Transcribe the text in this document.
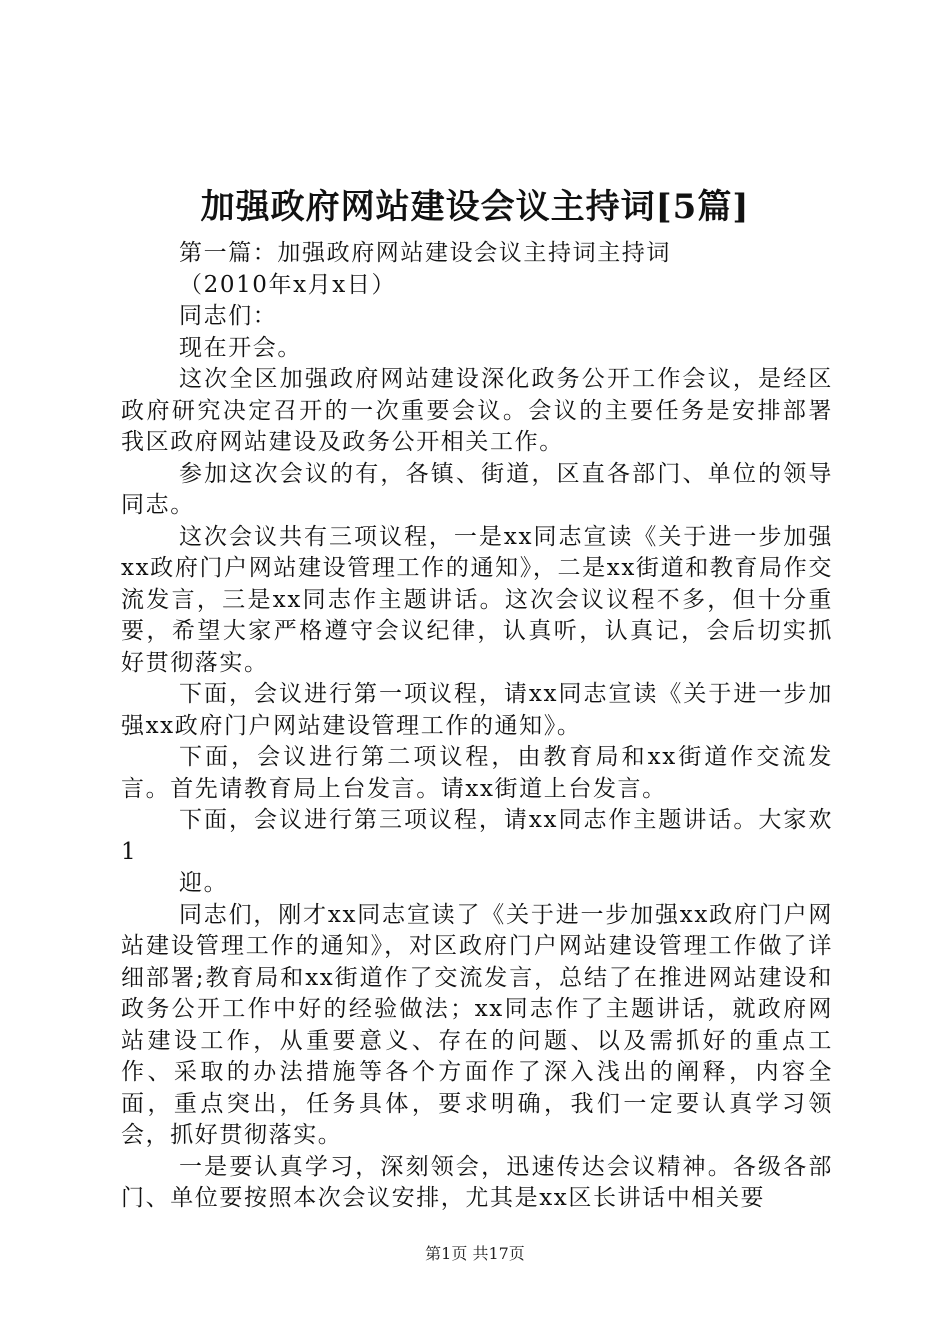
加强政府网站建设会议主持词[5篇]

第一篇：加强政府网站建设会议主持词主持词

（2010年x月x日）

同志们：

现在开会。

这次全区加强政府网站建设深化政务公开工作会议，是经区政府研究决定召开的一次重要会议。会议的主要任务是安排部署我区政府网站建设及政务公开相关工作。

参加这次会议的有，各镇、街道，区直各部门、单位的领导同志。

这次会议共有三项议程，一是xx同志宣读《关于进一步加强xx政府门户网站建设管理工作的通知》，二是xx街道和教育局作交流发言，三是xx同志作主题讲话。这次会议议程不多，但十分重要，希望大家严格遵守会议纪律，认真听，认真记，会后切实抓好贯彻落实。

下面，会议进行第一项议程，请xx同志宣读《关于进一步加强xx政府门户网站建设管理工作的通知》。

下面，会议进行第二项议程，由教育局和xx街道作交流发言。首先请教育局上台发言。请xx街道上台发言。

下面，会议进行第三项议程，请xx同志作主题讲话。大家欢1

迎。

同志们，刚才xx同志宣读了《关于进一步加强xx政府门户网站建设管理工作的通知》，对区政府门户网站建设管理工作做了详细部署;教育局和xx街道作了交流发言，总结了在推进网站建设和政务公开工作中好的经验做法；xx同志作了主题讲话，就政府网站建设工作，从重要意义、存在的问题、以及需抓好的重点工作、采取的办法措施等各个方面作了深入浅出的阐释，内容全面，重点突出，任务具体，要求明确，我们一定要认真学习领会，抓好贯彻落实。

一是要认真学习，深刻领会，迅速传达会议精神。各级各部门、单位要按照本次会议安排，尤其是xx区长讲话中相关要

第1页 共17页
